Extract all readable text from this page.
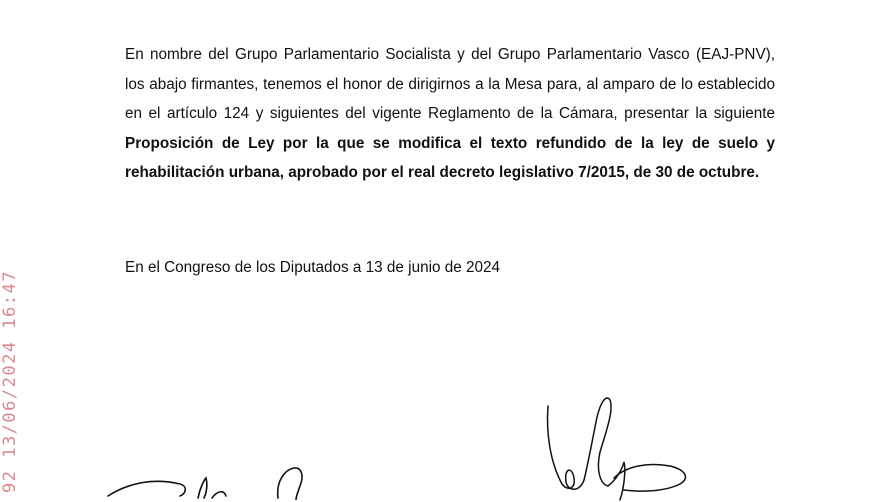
En nombre del Grupo Parlamentario Socialista y del Grupo Parlamentario Vasco (EAJ-PNV), los abajo firmantes, tenemos el honor de dirigirnos a la Mesa para, al amparo de lo establecido en el artículo 124 y siguientes del vigente Reglamento de la Cámara, presentar la siguiente Proposición de Ley por la que se modifica el texto refundido de la ley de suelo y rehabilitación urbana, aprobado por el real decreto legislativo 7/2015, de 30 de octubre.

En el Congreso de los Diputados a 13 de junio de 2024

92 13/06/2024 16:47
